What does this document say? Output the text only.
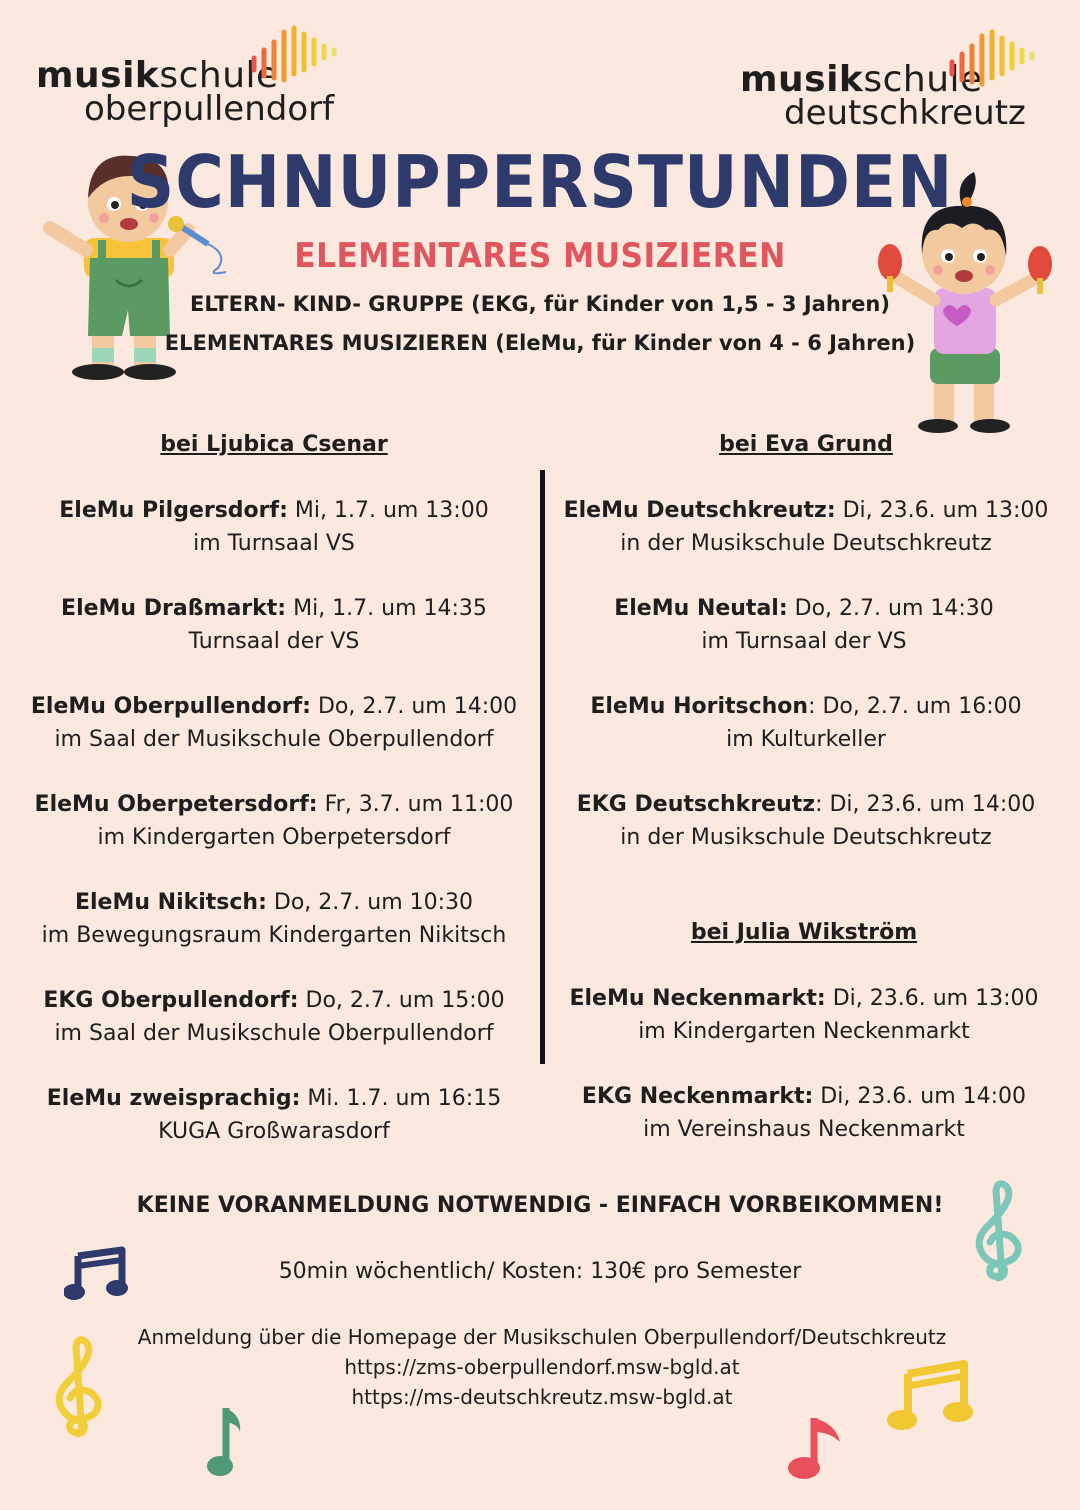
musikschule
oberpullendorf
musikschule
deutschkreutz
SCHNUPPERSTUNDEN
ELEMENTARES MUSIZIEREN
ELTERN- KIND- GRUPPE (EKG, für Kinder von 1,5 - 3 Jahren)
ELEMENTARES MUSIZIEREN (EleMu, für Kinder von 4 - 6 Jahren)
bei Ljubica Csenar
EleMu Pilgersdorf: Mi, 1.7. um 13:00
im Turnsaal VS
EleMu Draßmarkt: Mi, 1.7. um 14:35
Turnsaal der VS
EleMu Oberpullendorf: Do, 2.7. um 14:00
im Saal der Musikschule Oberpullendorf
EleMu Oberpetersdorf: Fr, 3.7. um 11:00
im Kindergarten Oberpetersdorf
EleMu Nikitsch: Do, 2.7. um 10:30
im Bewegungsraum Kindergarten Nikitsch
EKG Oberpullendorf: Do, 2.7. um 15:00
im Saal der Musikschule Oberpullendorf
EleMu zweisprachig: Mi. 1.7. um 16:15
KUGA Großwarasdorf
bei Eva Grund
EleMu Deutschkreutz: Di, 23.6. um 13:00
in der Musikschule Deutschkreutz
EleMu Neutal: Do, 2.7. um 14:30
im Turnsaal der VS
EleMu Horitschon: Do, 2.7. um 16:00
im Kulturkeller
EKG Deutschkreutz: Di, 23.6. um 14:00
in der Musikschule Deutschkreutz
bei Julia Wikström
EleMu Neckenmarkt: Di, 23.6. um 13:00
im Kindergarten Neckenmarkt
EKG Neckenmarkt: Di, 23.6. um 14:00
im Vereinshaus Neckenmarkt
KEINE VORANMELDUNG NOTWENDIG - EINFACH VORBEIKOMMEN!
50min wöchentlich/ Kosten: 130€ pro Semester
Anmeldung über die Homepage der Musikschulen Oberpullendorf/Deutschkreutz
https://zms-oberpullendorf.msw-bgld.at
https://ms-deutschkreutz.msw-bgld.at
